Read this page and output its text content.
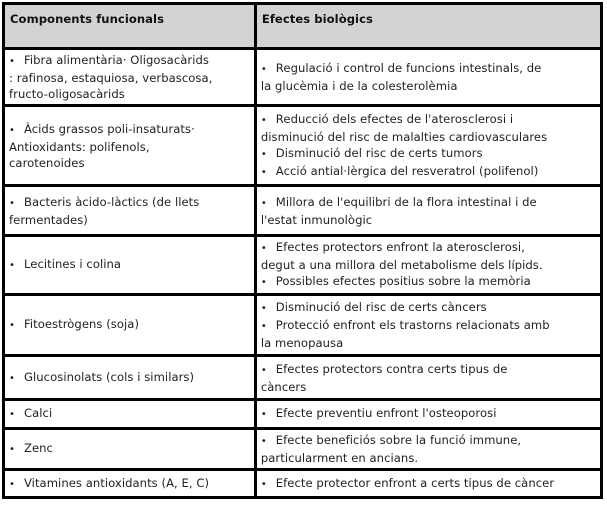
Components funcionals	Efectes biològics

• Fibra alimentària· Oligosacàrids
: rafinosa, estaquiosa, verbascosa,
fructo-oligosacàrids	• Regulació i control de funcions intestinals, de
la glucèmia i de la colesterolèmia

• Àcids grassos poli-insaturats·
Antioxidants: polifenols,
carotenoides	• Reducció dels efectes de l'aterosclerosi i
disminució del risc de malalties cardiovasculares
• Disminució del risc de certs tumors
• Acció antial·lèrgica del resveratrol (polifenol)

• Bacteris àcido-làctics (de llets
fermentades)	• Millora de l'equilibri de la flora intestinal i de
l'estat inmunològic

• Lecitines i colina	• Efectes protectors enfront la aterosclerosi,
degut a una millora del metabolisme dels lípids.
• Possibles efectes positius sobre la memòria

• Fitoestrògens (soja)	• Disminució del risc de certs càncers
• Protecció enfront els trastorns relacionats amb
la menopausa

• Glucosinolats (cols i similars)	• Efectes protectors contra certs tipus de
càncers

• Calci	• Efecte preventiu enfront l'osteoporosi

• Zenc	• Efecte beneficiós sobre la funció immune,
particularment en ancians.

• Vitamines antioxidants (A, E, C)	• Efecte protector enfront a certs tipus de càncer
